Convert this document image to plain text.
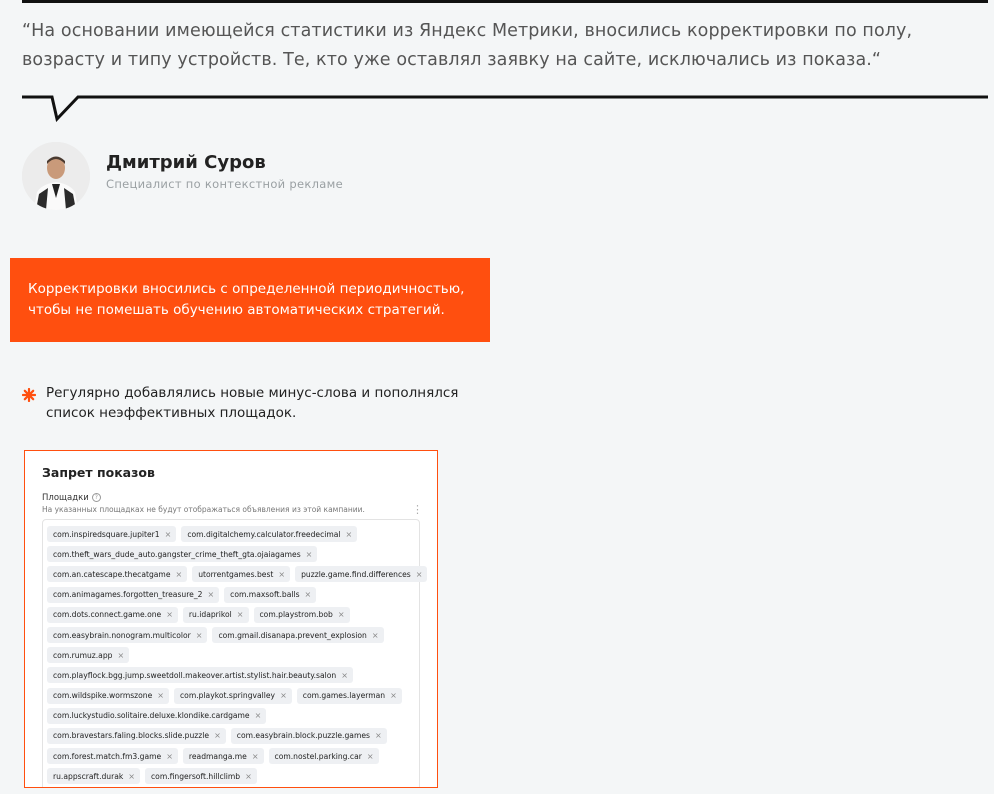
“На основании имеющейся статистики из Яндекс Метрики, вносились корректировки по полу, возрасту и типу устройств. Те, кто уже оставлял заявку на сайте, исключались из показа.“
Дмитрий Суров
Специалист по контекстной рекламе
Корректировки вносились с определенной периодичностью, чтобы не помешать обучению автоматических стратегий.
Регулярно добавлялись новые минус-слова и пополнялся список неэффективных площадок.
Запрет показов
Площадки ?
На указанных площадках не будут отображаться объявления из этой кампании.	⋮
com.inspiredsquare.jupiter1 × com.digitalchemy.calculator.freedecimal ×
com.theft_wars_dude_auto.gangster_crime_theft_gta.ojaiagames ×
com.an.catescape.thecatgame × utorrentgames.best × puzzle.game.find.differences ×
com.animagames.forgotten_treasure_2 × com.maxsoft.balls ×
com.dots.connect.game.one × ru.idaprikol × com.playstrom.bob ×
com.easybrain.nonogram.multicolor × com.gmail.disanapa.prevent_explosion ×
com.rumuz.app ×
com.playflock.bgg.jump.sweetdoll.makeover.artist.stylist.hair.beauty.salon ×
com.wildspike.wormszone × com.playkot.springvalley × com.games.layerman ×
com.luckystudio.solitaire.deluxe.klondike.cardgame ×
com.bravestars.faling.blocks.slide.puzzle × com.easybrain.block.puzzle.games ×
com.forest.match.fm3.game × readmanga.me × com.nostel.parking.car ×
ru.appscraft.durak × com.fingersoft.hillclimb ×
